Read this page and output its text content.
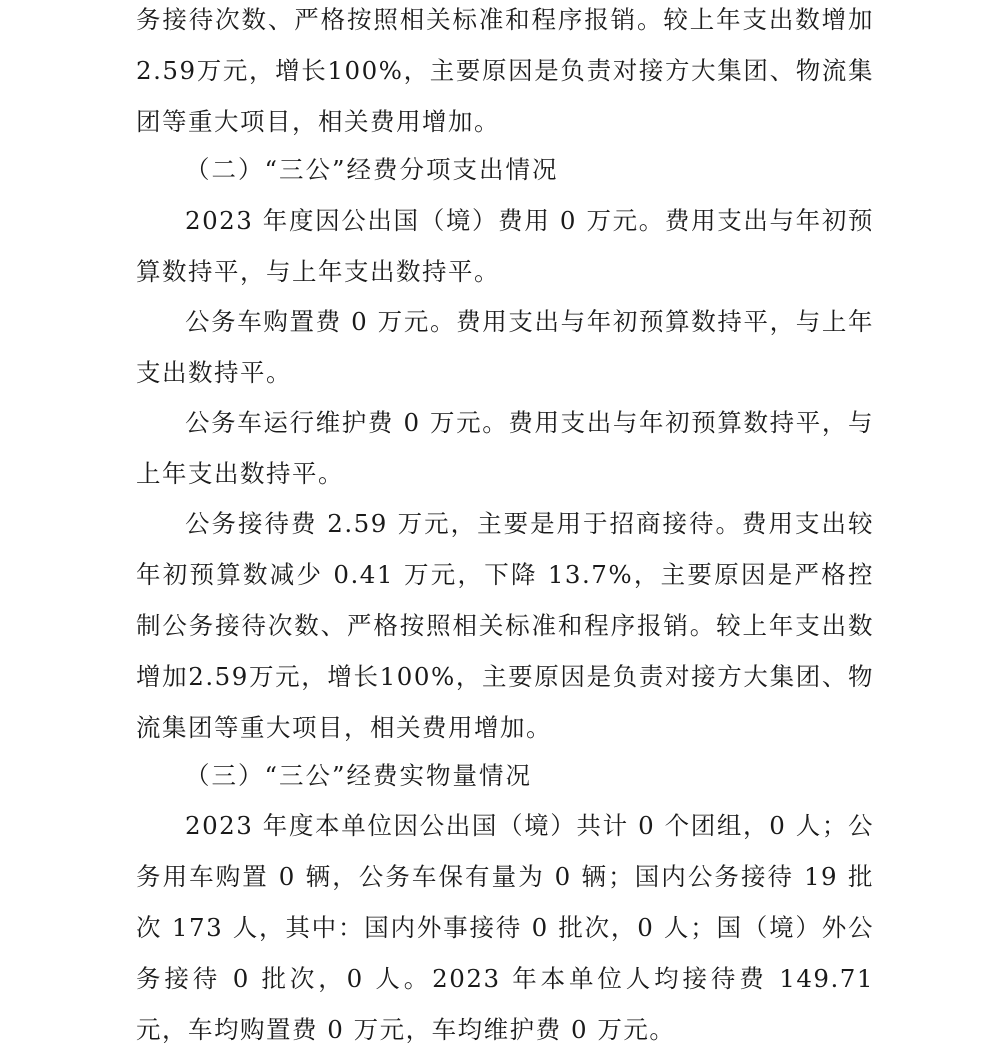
务接待次数、严格按照相关标准和程序报销。较上年支出数增加2.59万元，增长100%，主要原因是负责对接方大集团、物流集团等重大项目，相关费用增加。

（二）“三公”经费分项支出情况

2023 年度因公出国（境）费用 0 万元。费用支出与年初预算数持平，与上年支出数持平。

公务车购置费 0 万元。费用支出与年初预算数持平，与上年支出数持平。

公务车运行维护费 0 万元。费用支出与年初预算数持平，与上年支出数持平。

公务接待费 2.59 万元，主要是用于招商接待。费用支出较年初预算数减少 0.41 万元，下降 13.7%，主要原因是严格控制公务接待次数、严格按照相关标准和程序报销。较上年支出数增加2.59万元，增长100%，主要原因是负责对接方大集团、物流集团等重大项目，相关费用增加。

（三）“三公”经费实物量情况

2023 年度本单位因公出国（境）共计 0 个团组，0 人；公务用车购置 0 辆，公务车保有量为 0 辆；国内公务接待 19 批次 173 人，其中：国内外事接待 0 批次，0 人；国（境）外公务接待 0 批次，0 人。2023 年本单位人均接待费 149.71 元，车均购置费 0 万元，车均维护费 0 万元。
